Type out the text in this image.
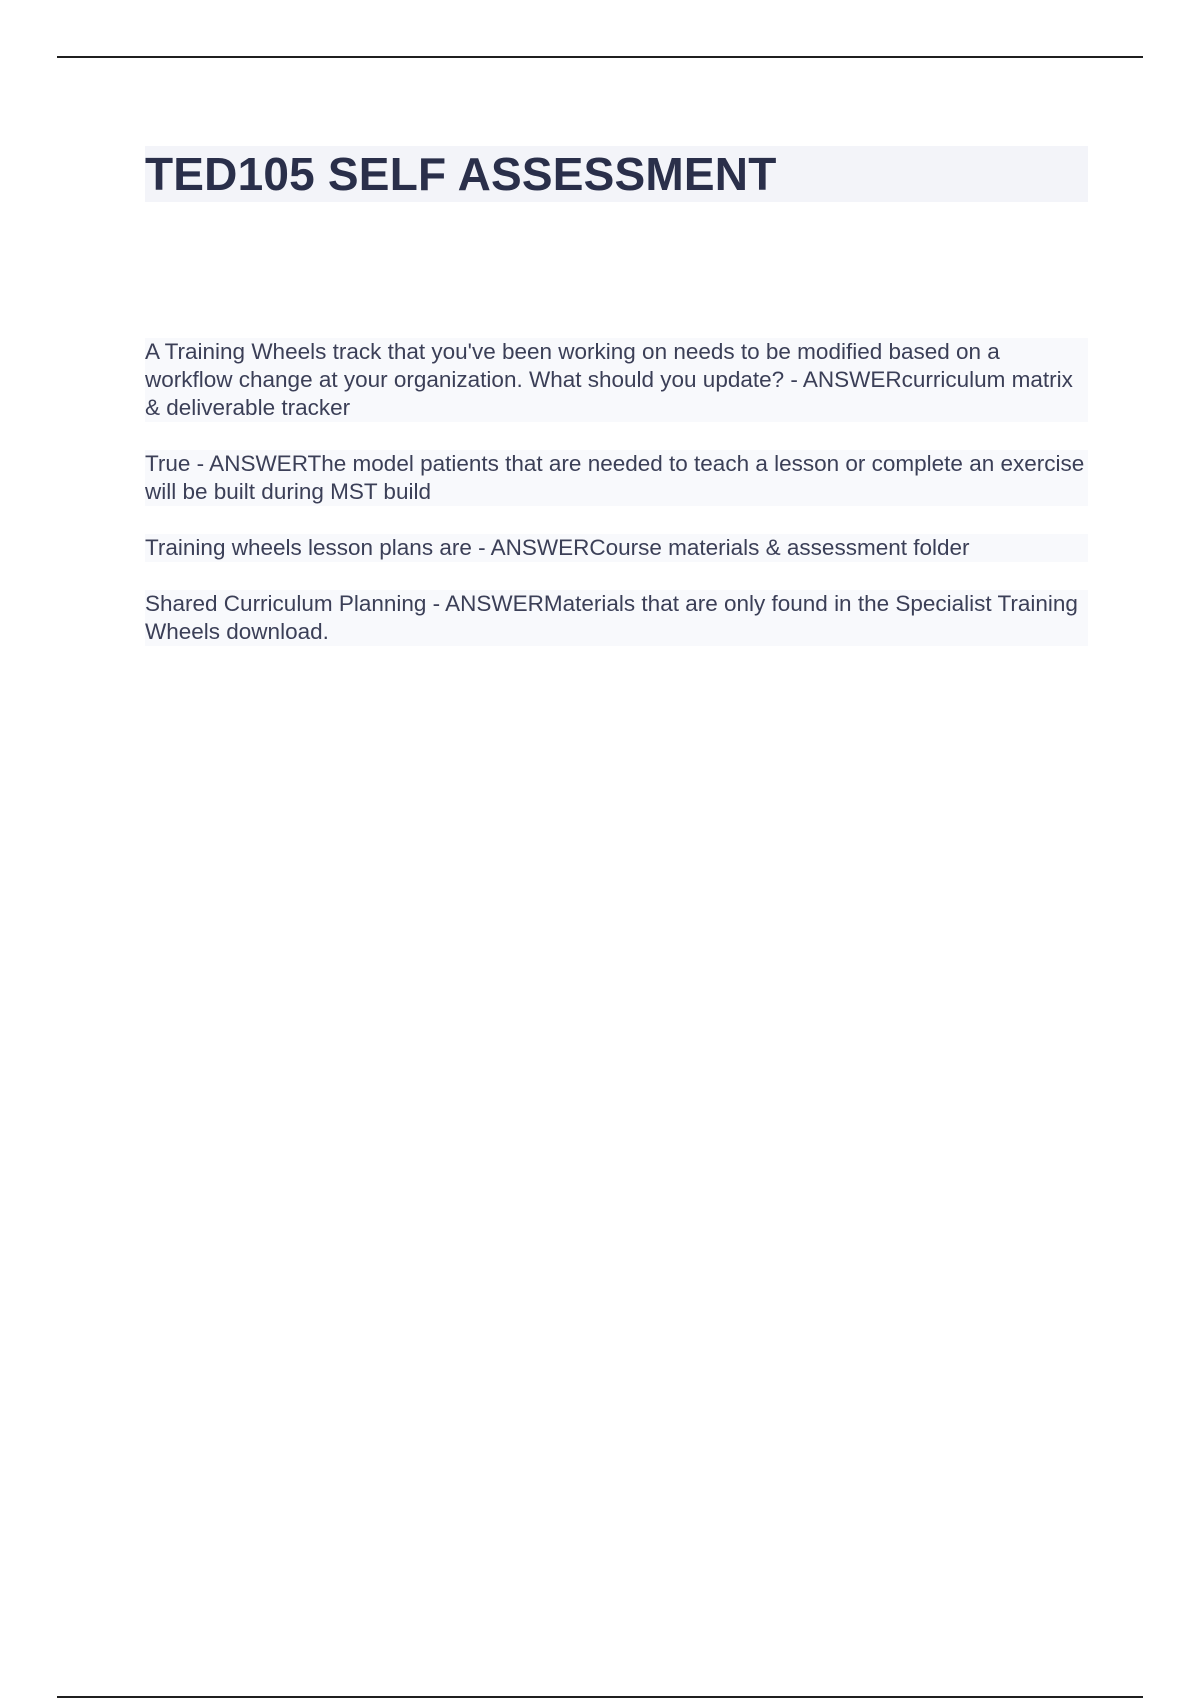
TED105 SELF ASSESSMENT

A Training Wheels track that you've been working on needs to be modified based on a workflow change at your organization. What should you update? - ANSWERcurriculum matrix & deliverable tracker

True - ANSWERThe model patients that are needed to teach a lesson or complete an exercise will be built during MST build

Training wheels lesson plans are - ANSWERCourse materials & assessment folder

Shared Curriculum Planning - ANSWERMaterials that are only found in the Specialist Training Wheels download.
